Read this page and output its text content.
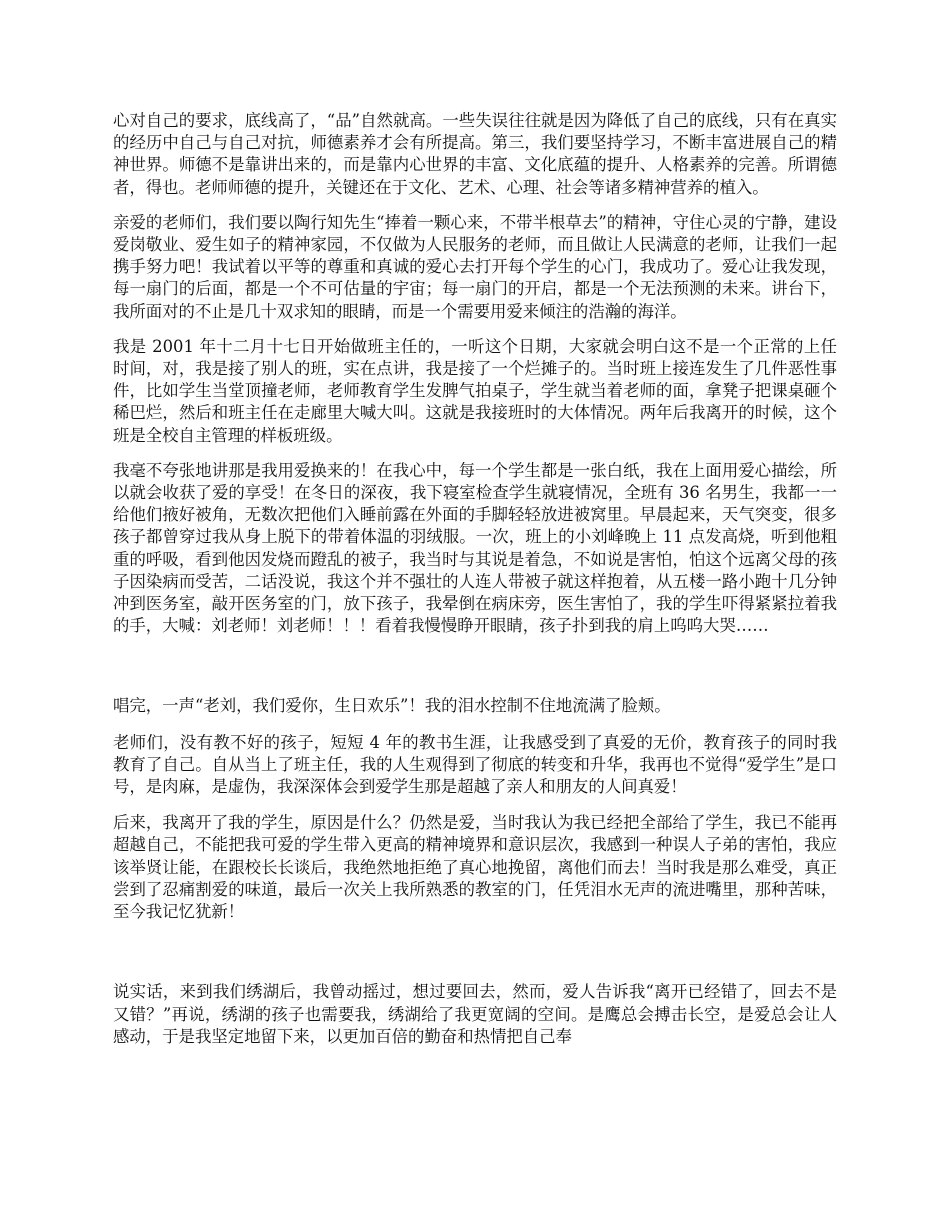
心对自己的要求，底线高了，“品”自然就高。一些失误往往就是因为降低了自己的底线，只有在真实的经历中自己与自己对抗，师德素养才会有所提高。第三，我们要坚持学习，不断丰富进展自己的精神世界。师德不是靠讲出来的，而是靠内心世界的丰富、文化底蕴的提升、人格素养的完善。所谓德者，得也。老师师德的提升，关键还在于文化、艺术、心理、社会等诸多精神营养的植入。

亲爱的老师们，我们要以陶行知先生“捧着一颗心来，不带半根草去”的精神，守住心灵的宁静，建设爱岗敬业、爱生如子的精神家园，不仅做为人民服务的老师，而且做让人民满意的老师，让我们一起携手努力吧！我试着以平等的尊重和真诚的爱心去打开每个学生的心门，我成功了。爱心让我发现，每一扇门的后面，都是一个不可估量的宇宙；每一扇门的开启，都是一个无法预测的未来。讲台下，我所面对的不止是几十双求知的眼睛，而是一个需要用爱来倾注的浩瀚的海洋。

我是 2001 年十二月十七日开始做班主任的，一听这个日期，大家就会明白这不是一个正常的上任时间，对，我是接了别人的班，实在点讲，我是接了一个烂摊子的。当时班上接连发生了几件恶性事件，比如学生当堂顶撞老师，老师教育学生发脾气拍桌子，学生就当着老师的面，拿凳子把课桌砸个稀巴烂，然后和班主任在走廊里大喊大叫。这就是我接班时的大体情况。两年后我离开的时候，这个班是全校自主管理的样板班级。

我毫不夸张地讲那是我用爱换来的！在我心中，每一个学生都是一张白纸，我在上面用爱心描绘，所以就会收获了爱的享受！在冬日的深夜，我下寝室检查学生就寝情况，全班有 36 名男生，我都一一给他们掖好被角，无数次把他们入睡前露在外面的手脚轻轻放进被窝里。早晨起来，天气突变，很多孩子都曾穿过我从身上脱下的带着体温的羽绒服。一次，班上的小刘峰晚上 11 点发高烧，听到他粗重的呼吸，看到他因发烧而蹬乱的被子，我当时与其说是着急，不如说是害怕，怕这个远离父母的孩子因染病而受苦，二话没说，我这个并不强壮的人连人带被子就这样抱着，从五楼一路小跑十几分钟冲到医务室，敲开医务室的门，放下孩子，我晕倒在病床旁，医生害怕了，我的学生吓得紧紧拉着我的手，大喊：刘老师！刘老师！！！看着我慢慢睁开眼睛，孩子扑到我的肩上呜呜大哭……

唱完，一声“老刘，我们爱你，生日欢乐”！我的泪水控制不住地流满了脸颊。

老师们，没有教不好的孩子，短短 4 年的教书生涯，让我感受到了真爱的无价，教育孩子的同时我教育了自己。自从当上了班主任，我的人生观得到了彻底的转变和升华，我再也不觉得“爱学生”是口号，是肉麻，是虚伪，我深深体会到爱学生那是超越了亲人和朋友的人间真爱！

后来，我离开了我的学生，原因是什么？仍然是爱，当时我认为我已经把全部给了学生，我已不能再超越自己，不能把我可爱的学生带入更高的精神境界和意识层次，我感到一种误人子弟的害怕，我应该举贤让能，在跟校长长谈后，我绝然地拒绝了真心地挽留，离他们而去！当时我是那么难受，真正尝到了忍痛割爱的味道，最后一次关上我所熟悉的教室的门，任凭泪水无声的流进嘴里，那种苦味，至今我记忆犹新！

说实话，来到我们绣湖后，我曾动摇过，想过要回去，然而，爱人告诉我“离开已经错了，回去不是又错？”再说，绣湖的孩子也需要我，绣湖给了我更宽阔的空间。是鹰总会搏击长空，是爱总会让人感动，于是我坚定地留下来，以更加百倍的勤奋和热情把自己奉
